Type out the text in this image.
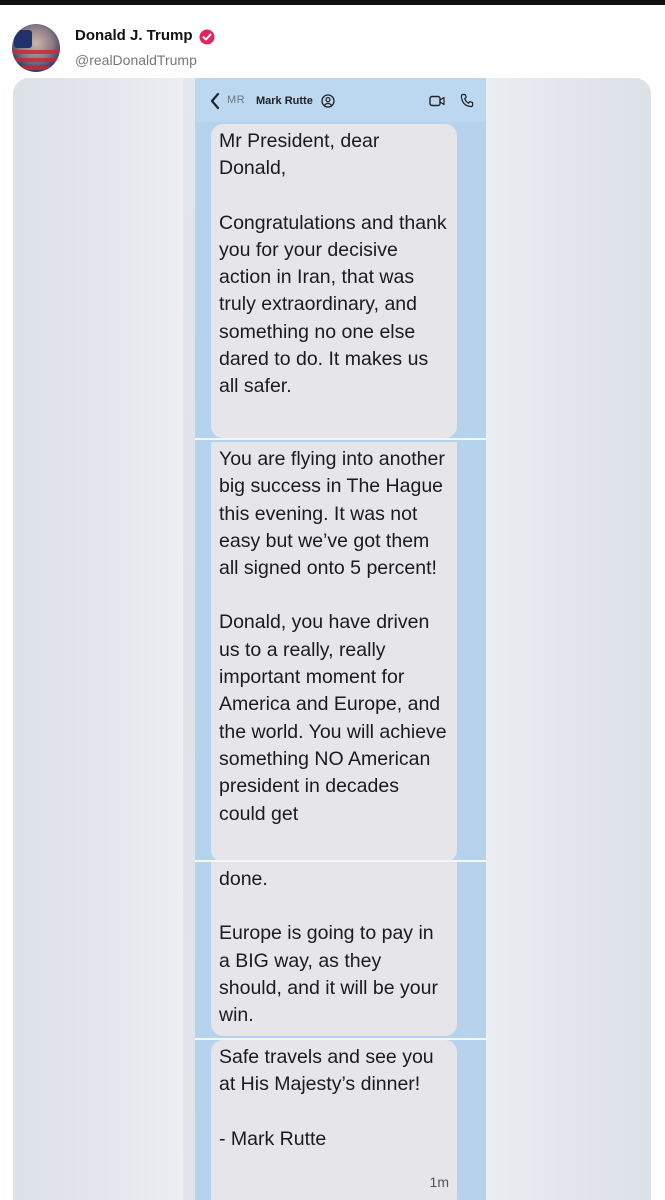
Donald J. Trump
@realDonaldTrump
MR Mark Rutte

Mr President, dear Donald,

Congratulations and thank you for your decisive action in Iran, that was truly extraordinary, and something no one else dared to do. It makes us all safer.

You are flying into another big success in The Hague this evening. It was not easy but we’ve got them all signed onto 5 percent!

Donald, you have driven us to a really, really important moment for America and Europe, and the world. You will achieve something NO American president in decades could get

done.

Europe is going to pay in a BIG way, as they should, and it will be your win.

Safe travels and see you at His Majesty’s dinner!

- Mark Rutte

1m
